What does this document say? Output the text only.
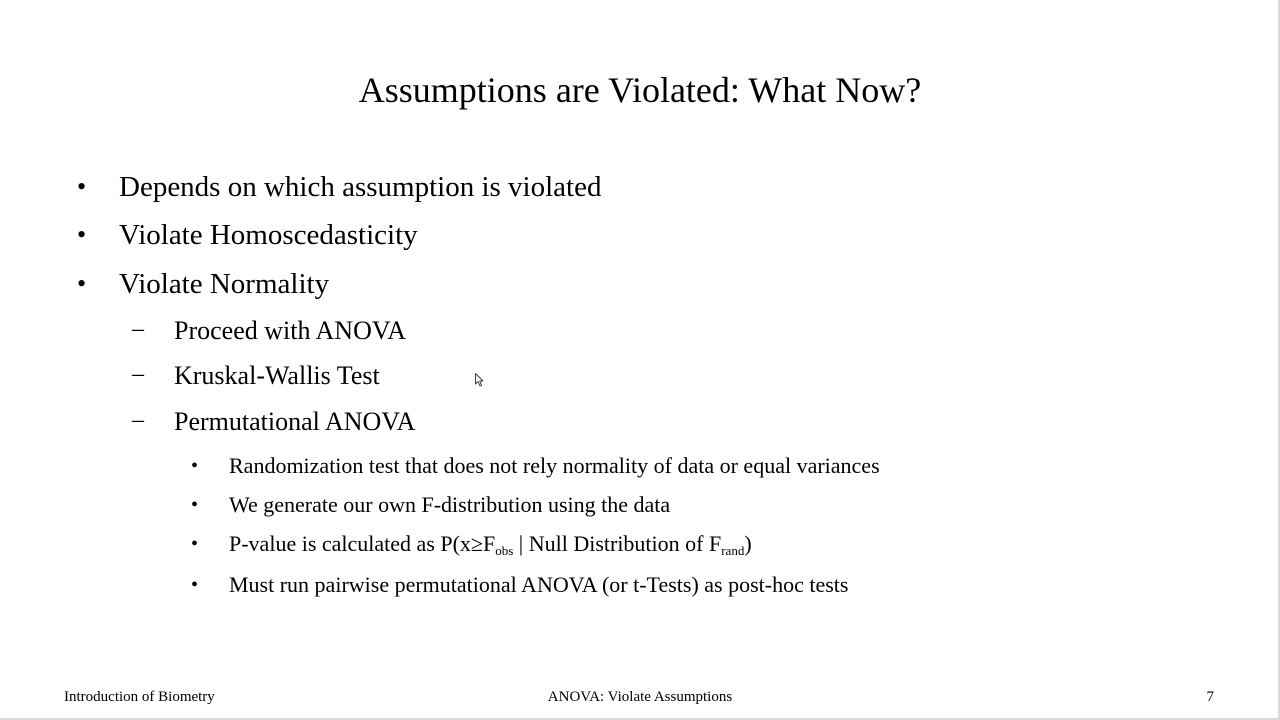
Assumptions are Violated: What Now?
• Depends on which assumption is violated
• Violate Homoscedasticity
• Violate Normality
– Proceed with ANOVA
– Kruskal-Wallis Test
– Permutational ANOVA
• Randomization test that does not rely normality of data or equal variances
• We generate our own F-distribution using the data
• P-value is calculated as $P(x\ge F_{obs}$ | Null Distribution of $F_{rand}$)
• Must run pairwise permutational ANOVA (or t-Tests) as post-hoc tests
Introduction of Biometry	ANOVA: Violate Assumptions	7
